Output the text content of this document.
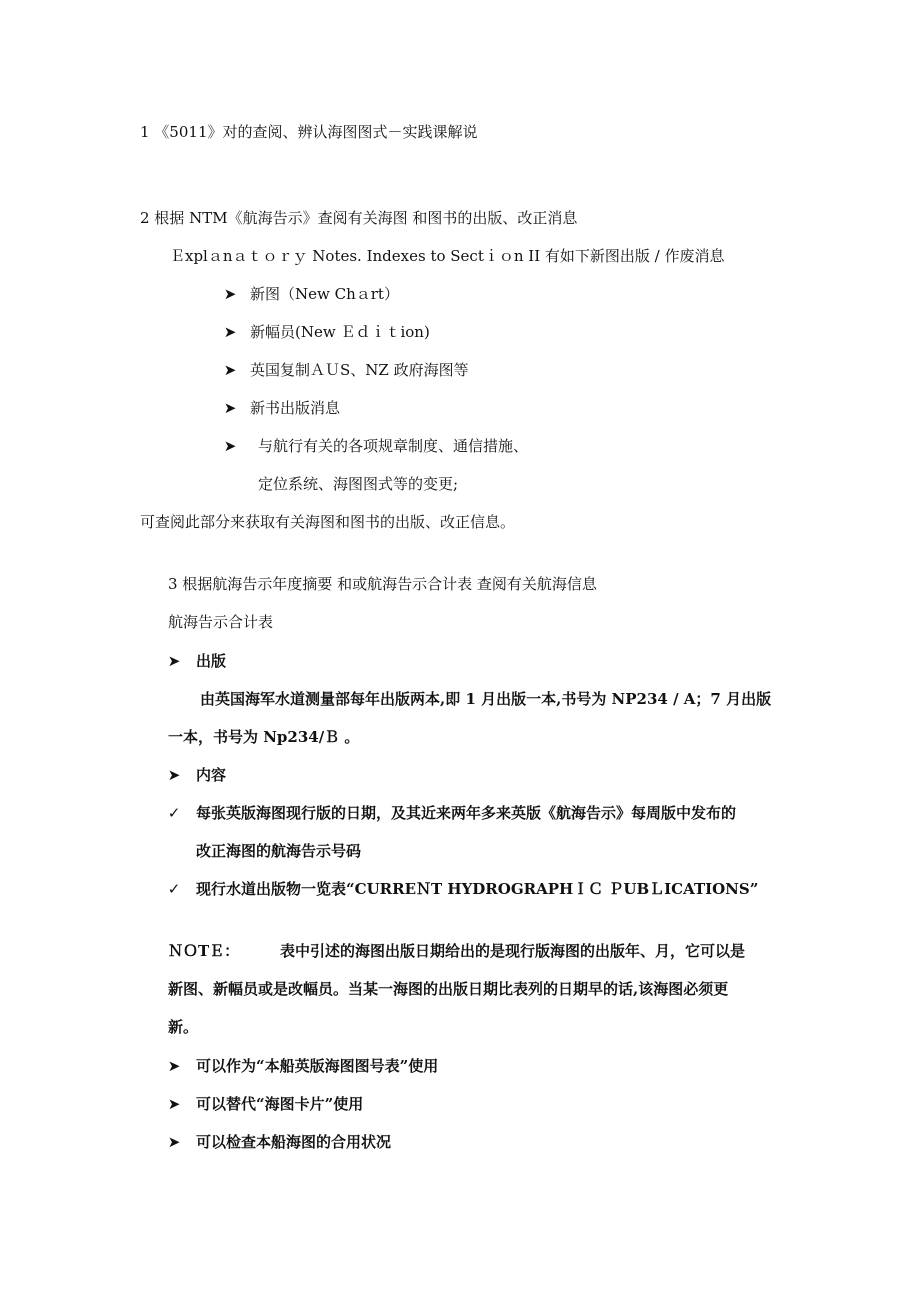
1 《5011》对的查阅、辨认海图图式－实践课解说
2 根据 NTM《航海告示》查阅有关海图 和图书的出版、改正消息
Ｅxplａnａｔｏｒｙ Notes. Indexes to Sectｉｏn II 有如下新图出版 / 作废消息
➤ 新图（New Chａrt）
➤ 新幅员(New Ｅｄｉｔion)
➤ 英国复制ＡＵS、NZ 政府海图等
➤ 新书出版消息
➤ 与航行有关的各项规章制度、通信措施、
定位系统、海图图式等的变更;
可查阅此部分来获取有关海图和图书的出版、改正信息。
3 根据航海告示年度摘要 和或航海告示合计表 查阅有关航海信息
航海告示合计表
➤ 出版
由英国海军水道测量部每年出版两本,即 1 月出版一本,书号为 NP234 / A；7 月出版
一本，书号为 Np234/Ｂ 。
➤ 内容
✓ 每张英版海图现行版的日期，及其近来两年多来英版《航海告示》每周版中发布的
改正海图的航海告示号码
✓ 现行水道出版物一览表“CURREＮT HYDROGRAPHＩＣ ＰUBＬICATIONS”
ＮＯTＥ：	表中引述的海图出版日期给出的是现行版海图的出版年、月，它可以是
新图、新幅员或是改幅员。当某一海图的出版日期比表列的日期早的话,该海图必须更
新。
➤ 可以作为“本船英版海图图号表”使用
➤ 可以替代“海图卡片”使用
➤ 可以检查本船海图的合用状况
